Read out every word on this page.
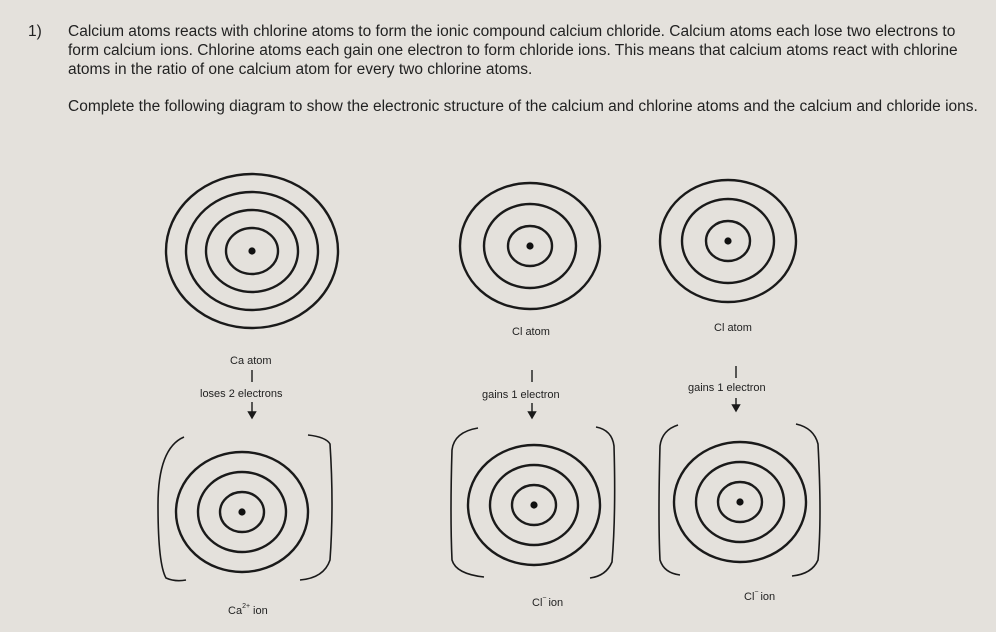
1) Calcium atoms reacts with chlorine atoms to form the ionic compound calcium chloride. Calcium atoms each lose two electrons to form calcium ions. Chlorine atoms each gain one electron to form chloride ions. This means that calcium atoms react with chlorine atoms in the ratio of one calcium atom for every two chlorine atoms.
Complete the following diagram to show the electronic structure of the calcium and chlorine atoms and the calcium and chloride ions.
Ca atom
Cl atom	Cl atom
loses 2 electrons	gains 1 electron
gains 1 electron
$Ca^{2+}$ ion
Cl− ion	Cl− ion
